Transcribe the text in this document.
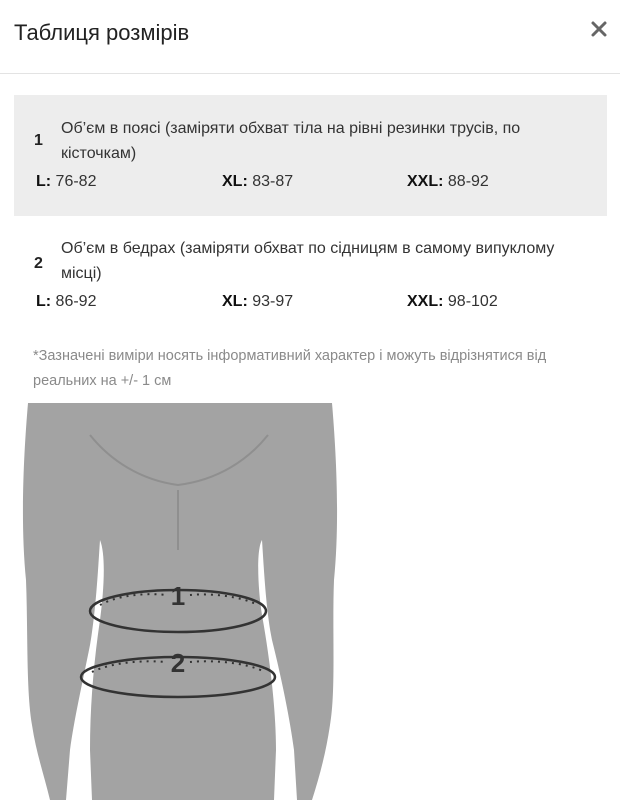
Таблиця розмірів
1
Об’єм в поясі (заміряти обхват тіла на рівні резинки трусів, по кісточкам)
L: 76-82	XL: 83-87	XXL: 88-92
2
Об’єм в бедрах (заміряти обхват по сідницям в самому випуклому місці)
L: 86-92	XL: 93-97	XXL: 98-102
*Зазначені виміри носять інформативний характер і можуть відрізнятися від реальних на +/- 1 см
1
2
